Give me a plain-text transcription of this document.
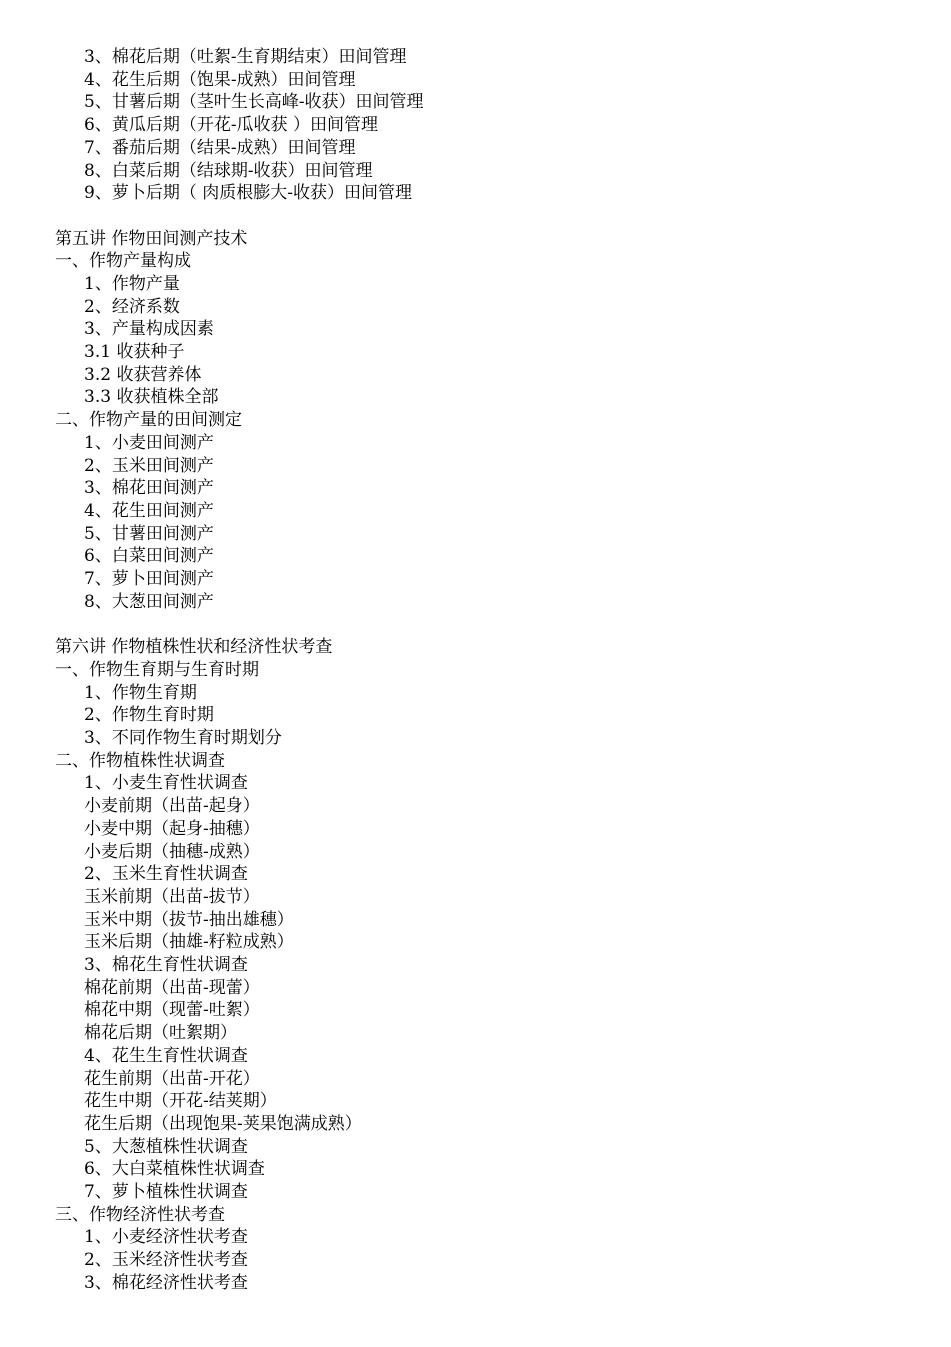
3、棉花后期（吐絮-生育期结束）田间管理
4、花生后期（饱果-成熟）田间管理
5、甘薯后期（茎叶生长高峰-收获）田间管理
6、黄瓜后期（开花-瓜收获 ）田间管理
7、番茄后期（结果-成熟）田间管理
8、白菜后期（结球期-收获）田间管理
9、萝卜后期（ 肉质根膨大-收获）田间管理
第五讲 作物田间测产技术
一、作物产量构成
1、作物产量
2、经济系数
3、产量构成因素
3.1 收获种子
3.2 收获营养体
3.3 收获植株全部
二、作物产量的田间测定
1、小麦田间测产
2、玉米田间测产
3、棉花田间测产
4、花生田间测产
5、甘薯田间测产
6、白菜田间测产
7、萝卜田间测产
8、大葱田间测产
第六讲 作物植株性状和经济性状考查
一、作物生育期与生育时期
1、作物生育期
2、作物生育时期
3、不同作物生育时期划分
二、作物植株性状调查
1、小麦生育性状调查
小麦前期（出苗-起身）
小麦中期（起身-抽穗）
小麦后期（抽穗-成熟）
2、玉米生育性状调查
玉米前期（出苗-拔节）
玉米中期（拔节-抽出雄穗）
玉米后期（抽雄-籽粒成熟）
3、棉花生育性状调查
棉花前期（出苗-现蕾）
棉花中期（现蕾-吐絮）
棉花后期（吐絮期）
4、花生生育性状调查
花生前期（出苗-开花）
花生中期（开花-结荚期）
花生后期（出现饱果-荚果饱满成熟）
5、大葱植株性状调查
6、大白菜植株性状调查
7、萝卜植株性状调查
三、作物经济性状考查
1、小麦经济性状考查
2、玉米经济性状考查
3、棉花经济性状考查
